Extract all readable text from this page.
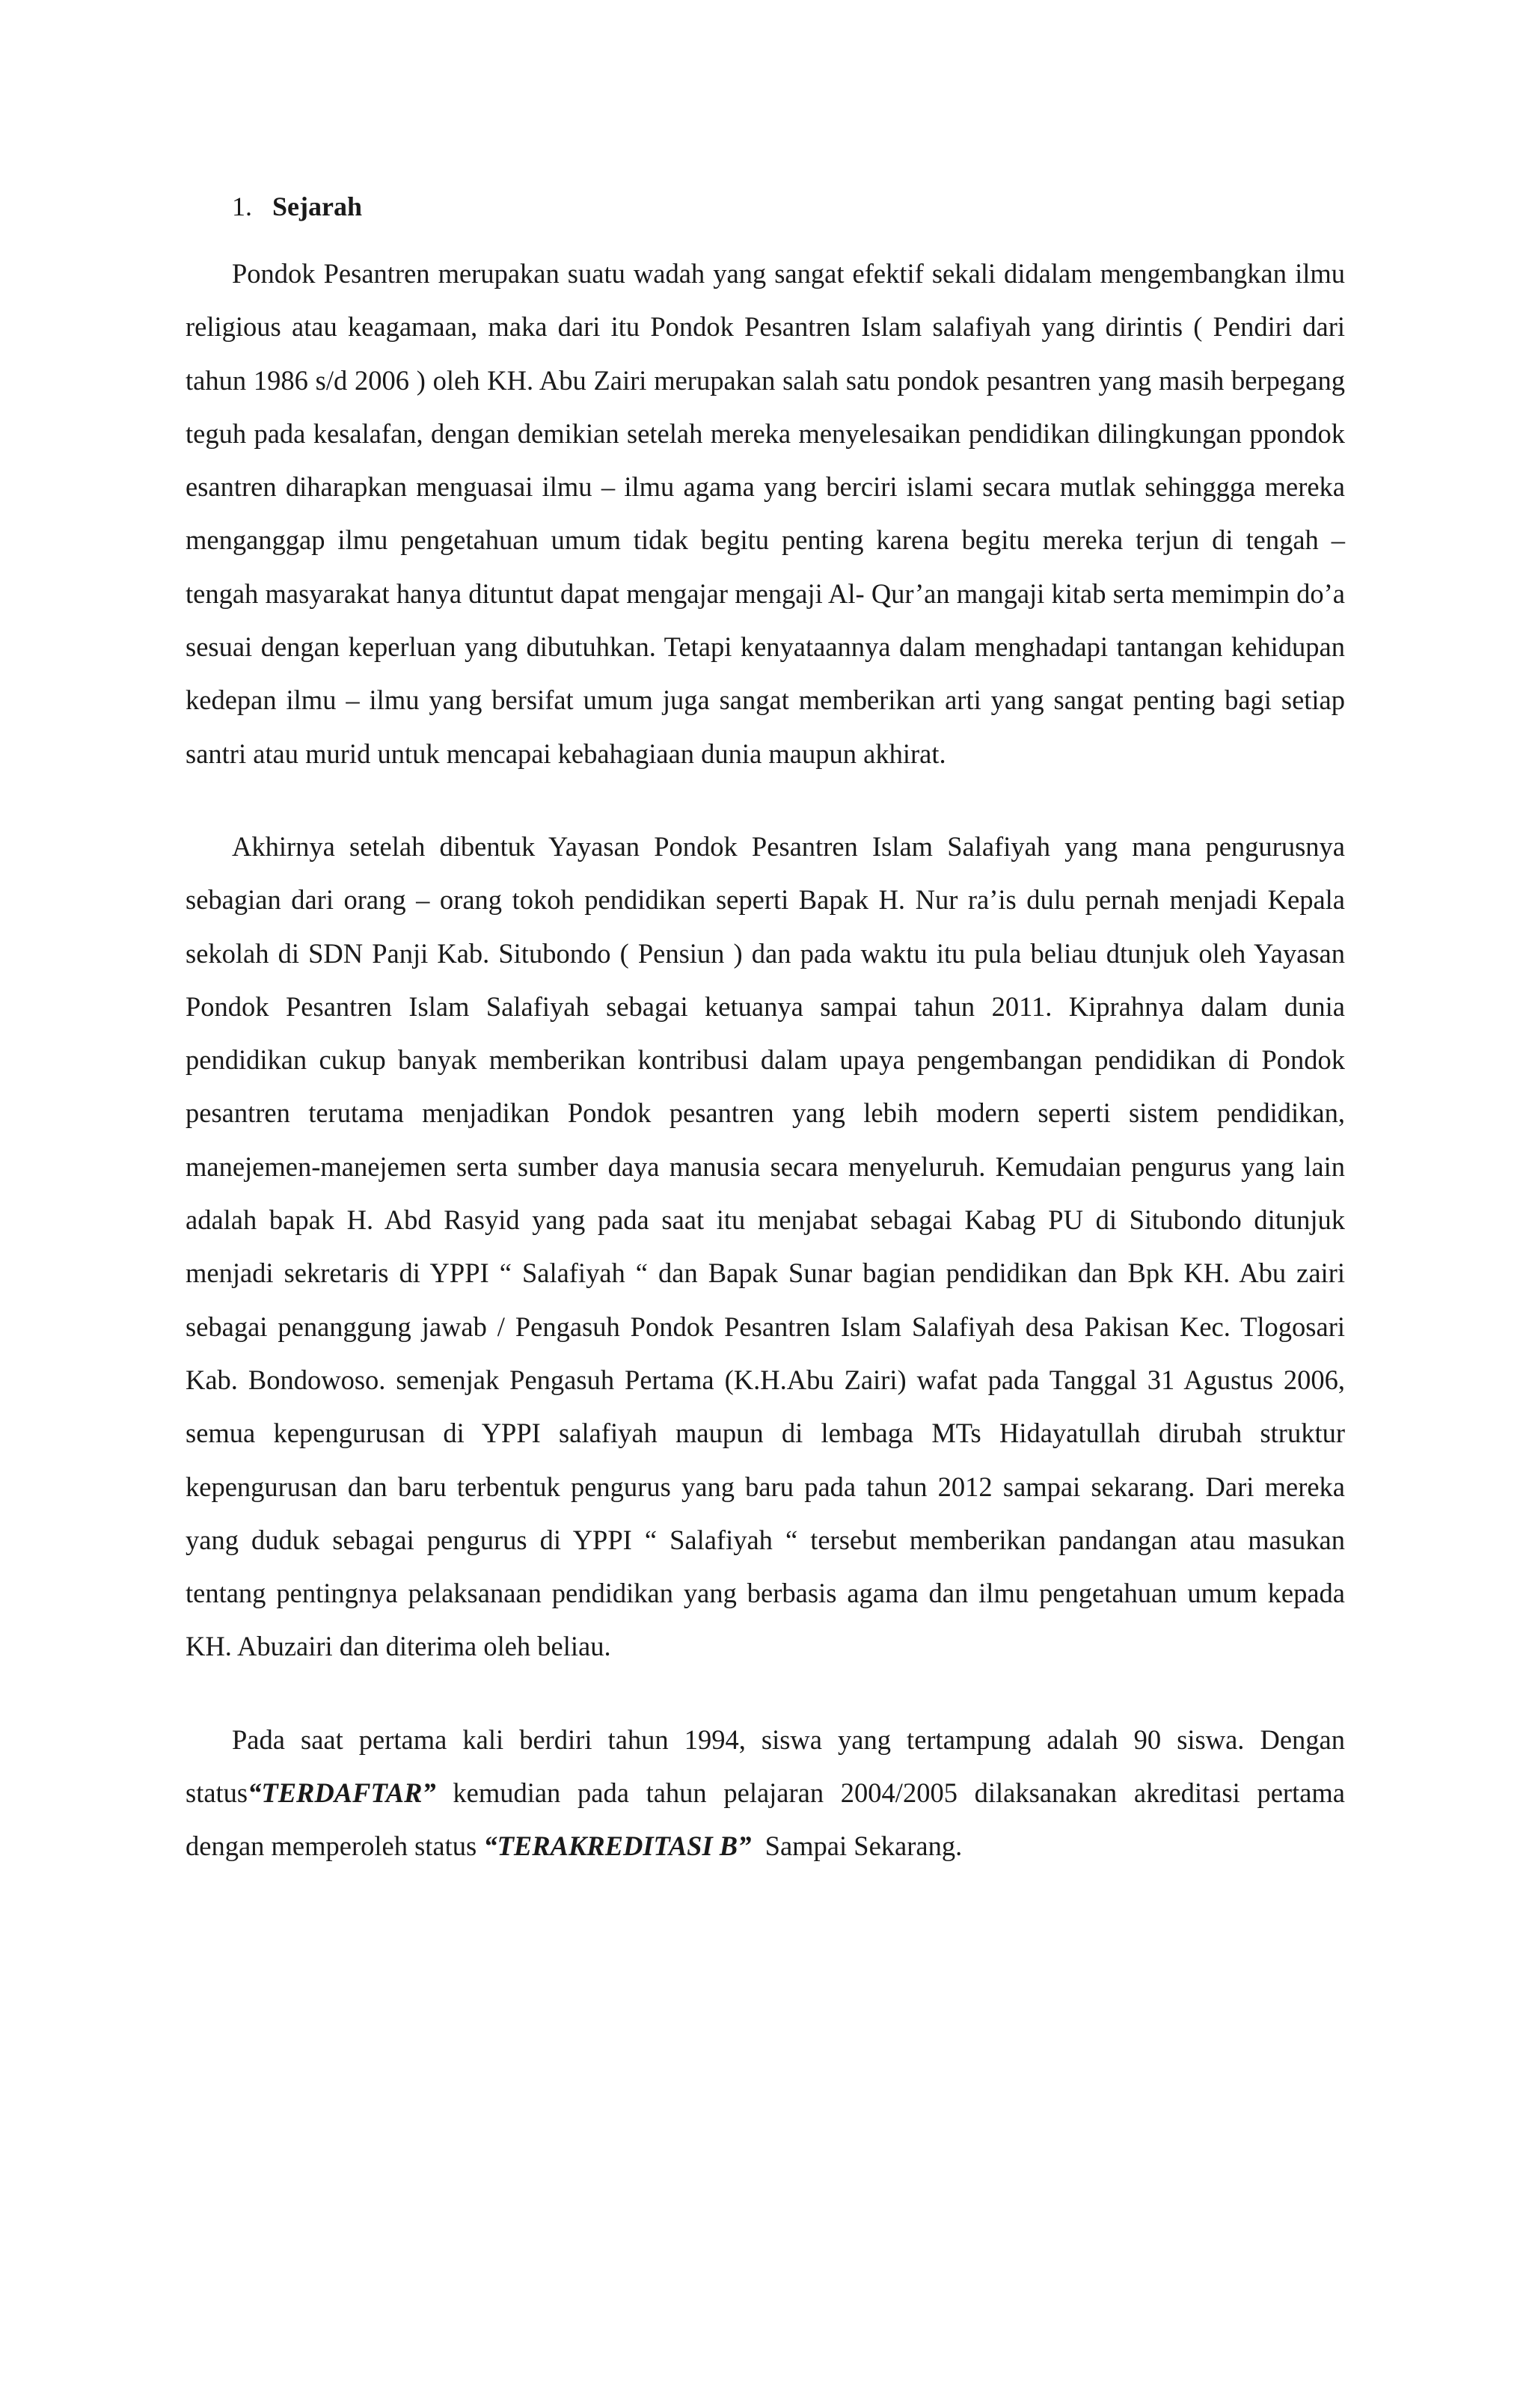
1. Sejarah

Pondok Pesantren merupakan suatu wadah yang sangat efektif sekali didalam mengembangkan ilmu religious atau keagamaan, maka dari itu Pondok Pesantren Islam salafiyah yang dirintis ( Pendiri dari tahun 1986 s/d 2006 ) oleh KH. Abu Zairi merupakan salah satu pondok pesantren yang masih berpegang teguh pada kesalafan, dengan demikian setelah mereka menyelesaikan pendidikan dilingkungan ppondok esantren diharapkan menguasai ilmu – ilmu agama yang berciri islami secara mutlak sehinggga mereka menganggap ilmu pengetahuan umum tidak begitu penting karena begitu mereka terjun di tengah – tengah masyarakat hanya dituntut dapat mengajar mengaji Al- Qur’an mangaji kitab serta memimpin do’a sesuai dengan keperluan yang dibutuhkan. Tetapi kenyataannya dalam menghadapi tantangan kehidupan kedepan ilmu – ilmu yang bersifat umum juga sangat memberikan arti yang sangat penting bagi setiap santri atau murid untuk mencapai kebahagiaan dunia maupun akhirat.

Akhirnya setelah dibentuk Yayasan Pondok Pesantren Islam Salafiyah yang mana pengurusnya sebagian dari orang – orang tokoh pendidikan seperti Bapak H. Nur ra’is dulu pernah menjadi Kepala sekolah di SDN Panji Kab. Situbondo ( Pensiun ) dan pada waktu itu pula beliau dtunjuk oleh Yayasan Pondok Pesantren Islam Salafiyah sebagai ketuanya sampai tahun 2011. Kiprahnya dalam dunia pendidikan cukup banyak memberikan kontribusi dalam upaya pengembangan pendidikan di Pondok pesantren terutama menjadikan Pondok pesantren yang lebih modern seperti sistem pendidikan, manejemen-manejemen serta sumber daya manusia secara menyeluruh. Kemudaian pengurus yang lain adalah bapak H. Abd Rasyid yang pada saat itu menjabat sebagai Kabag PU di Situbondo ditunjuk menjadi sekretaris di YPPI “ Salafiyah “ dan Bapak Sunar bagian pendidikan dan Bpk KH. Abu zairi sebagai penanggung jawab / Pengasuh Pondok Pesantren Islam Salafiyah desa Pakisan Kec. Tlogosari Kab. Bondowoso. semenjak Pengasuh Pertama (K.H.Abu Zairi) wafat pada Tanggal 31 Agustus 2006, semua kepengurusan di YPPI salafiyah maupun di lembaga MTs Hidayatullah dirubah struktur kepengurusan dan baru terbentuk pengurus yang baru pada tahun 2012 sampai sekarang. Dari mereka yang duduk sebagai pengurus di YPPI “ Salafiyah “ tersebut memberikan pandangan atau masukan tentang pentingnya pelaksanaan pendidikan yang berbasis agama dan ilmu pengetahuan umum kepada KH. Abuzairi dan diterima oleh beliau.

Pada saat pertama kali berdiri tahun 1994, siswa yang tertampung adalah 90 siswa. Dengan status“TERDAFTAR” kemudian pada tahun pelajaran 2004/2005 dilaksanakan akreditasi pertama dengan memperoleh status “TERAKREDITASI B”  Sampai Sekarang.
